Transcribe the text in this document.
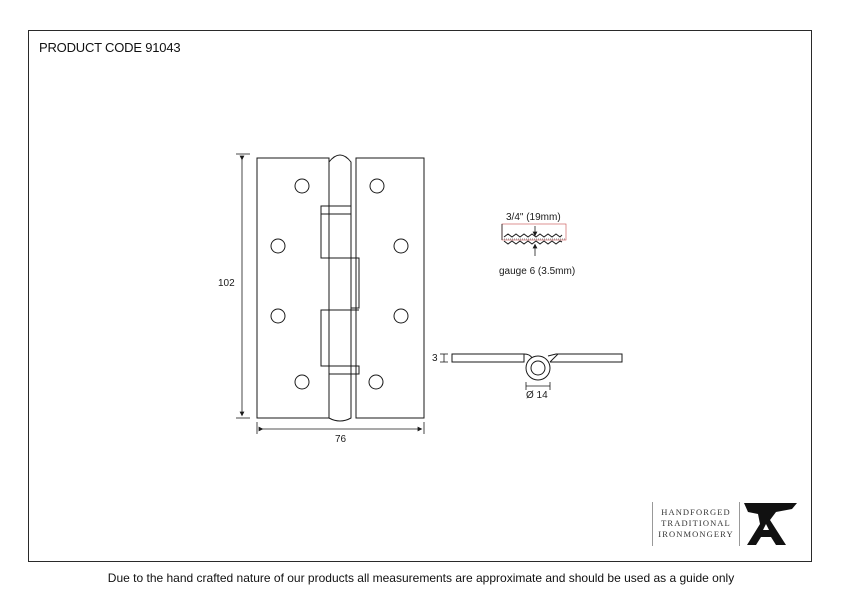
PRODUCT CODE 91043
102
76
3/4" (19mm)
gauge 6 (3.5mm)
3
Ø 14
HANDFORGED
TRADITIONAL
IRONMONGERY
Due to the hand crafted nature of our products all measurements are approximate and should be used as a guide only
